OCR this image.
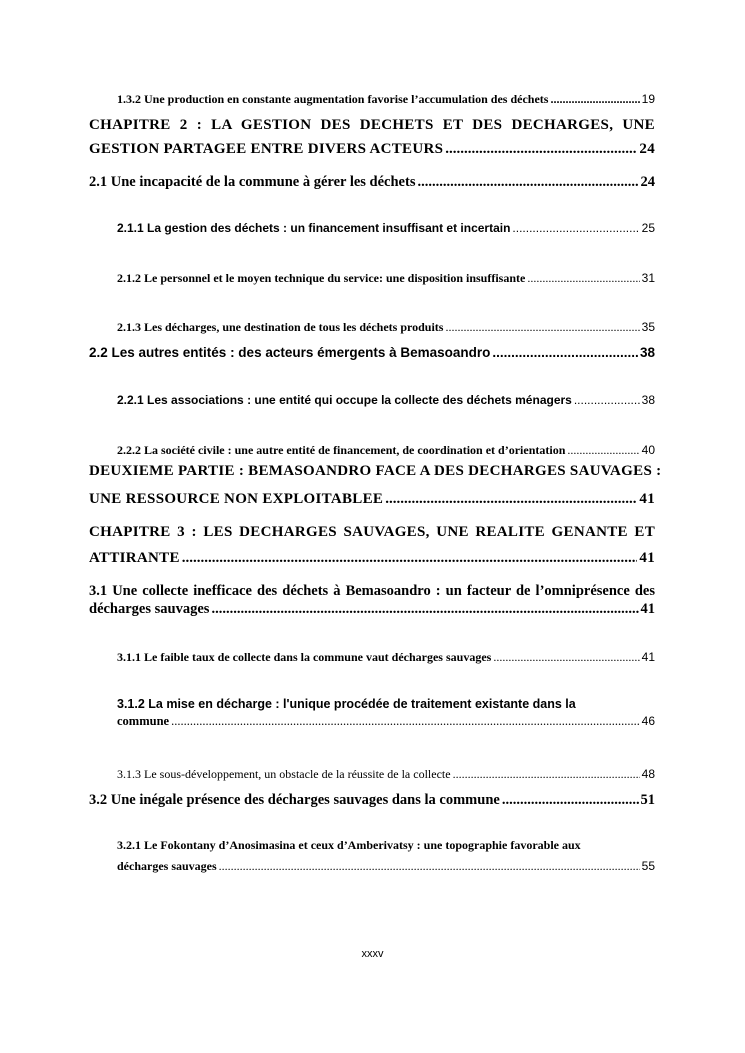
1.3.2 Une production en constante augmentation favorise l’accumulation des déchets .....	19
CHAPITRE 2 : LA GESTION DES DECHETS ET DES DECHARGES, UNE
GESTION PARTAGEE ENTRE DIVERS ACTEURS .....	24
2.1 Une incapacité de la commune à gérer les déchets .....	24
2.1.1 La gestion des déchets : un financement insuffisant et incertain .....	25
2.1.2 Le personnel et le moyen technique du service: une disposition insuffisante .....	31
2.1.3 Les décharges, une destination de tous les déchets produits .....	35
2.2 Les autres entités : des acteurs émergents à Bemasoandro .....	38
2.2.1 Les associations : une entité qui occupe la collecte des déchets ménagers .....	38
2.2.2 La société civile : une autre entité de financement, de coordination et d’orientation .....	40
DEUXIEME PARTIE : BEMASOANDRO FACE A DES DECHARGES SAUVAGES :
UNE RESSOURCE NON EXPLOITABLEE .....	41
CHAPITRE 3 : LES DECHARGES SAUVAGES, UNE REALITE GENANTE ET
ATTIRANTE .....	41
3.1 Une collecte inefficace des déchets à Bemasoandro : un facteur de l’omniprésence des
décharges sauvages .....	41
3.1.1 Le faible taux de collecte dans la commune vaut décharges sauvages .....	41
3.1.2 La mise en décharge : l'unique procédée de traitement existante dans la
commune .....	46
3.1.3 Le sous-développement, un obstacle de la réussite de la collecte .....	48
3.2 Une inégale présence des décharges sauvages dans la commune .....	51
3.2.1 Le Fokontany d’Anosimasina et ceux d’Amberivatsy : une topographie favorable aux
décharges sauvages .....	55
xxxv
